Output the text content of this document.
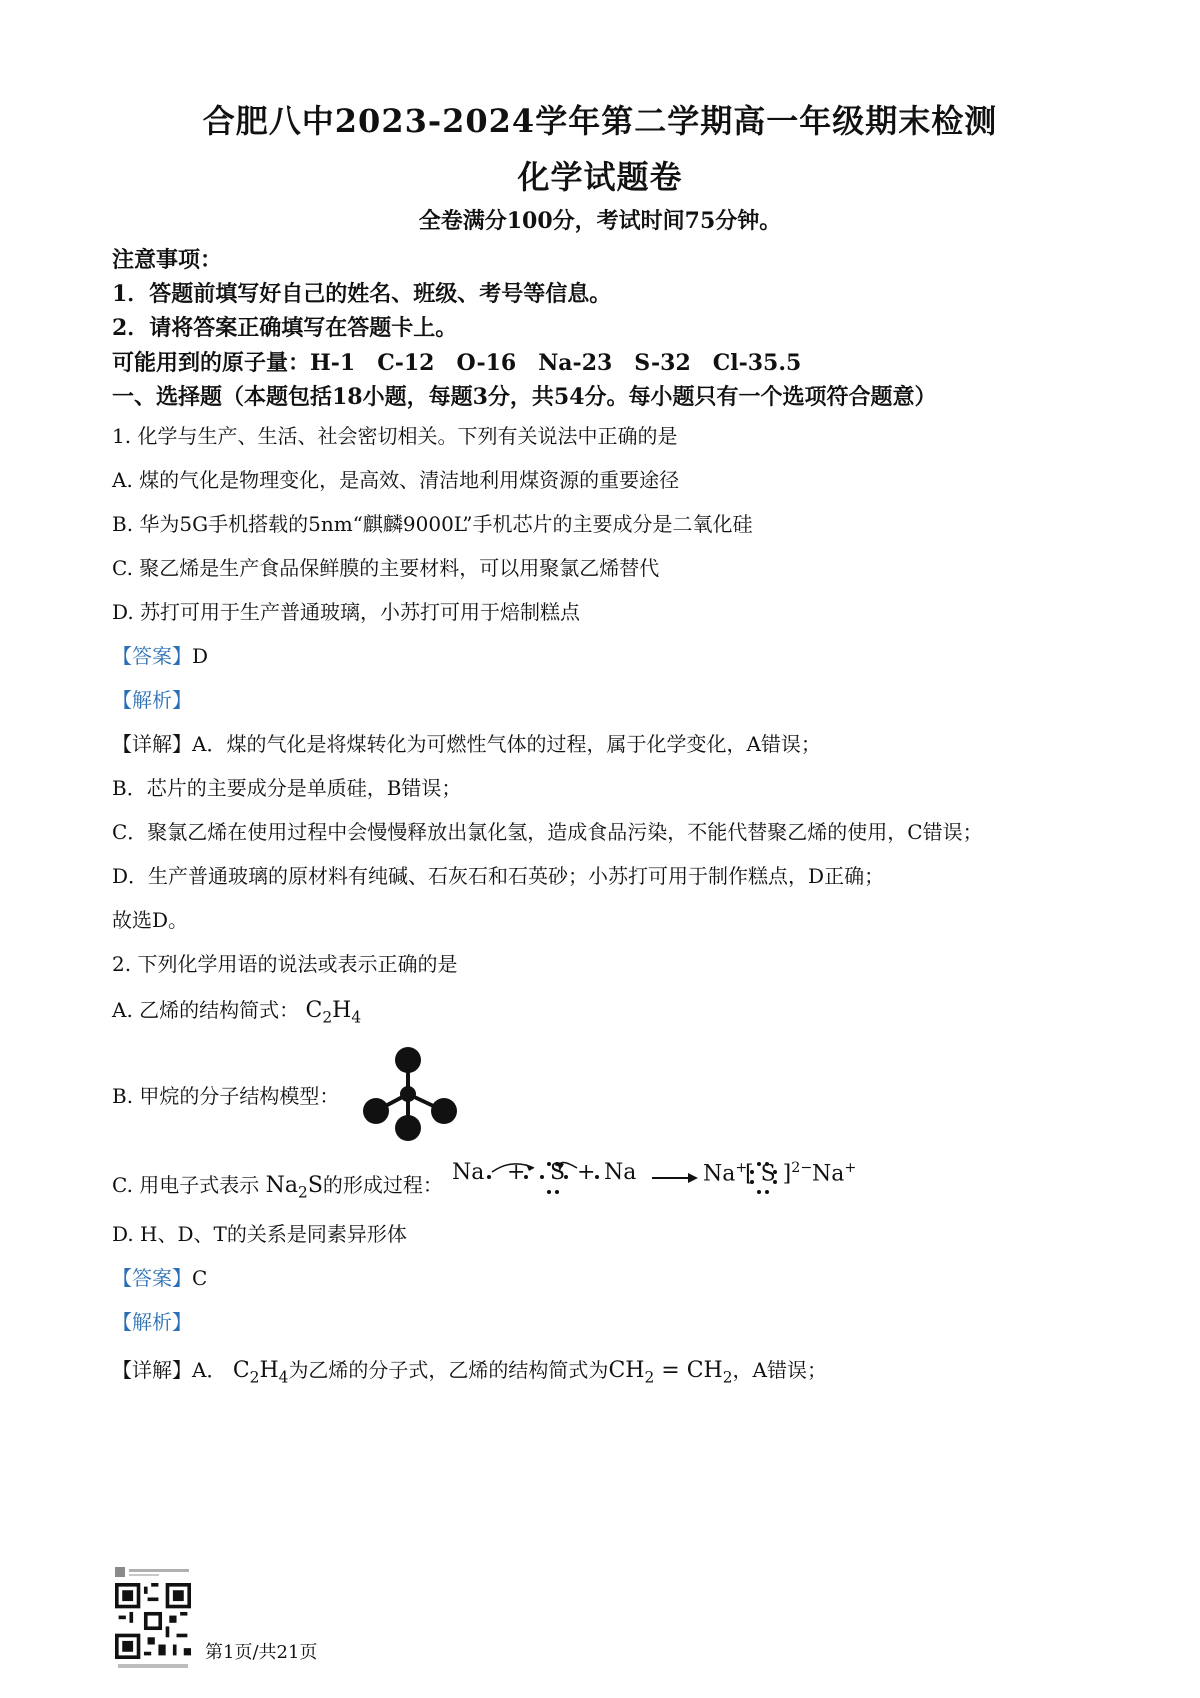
合肥八中2023-2024学年第二学期高一年级期末检测
化学试题卷
全卷满分100分，考试时间75分钟。
注意事项：
1．答题前填写好自己的姓名、班级、考号等信息。
2．请将答案正确填写在答题卡上。
可能用到的原子量：H-1　C-12　O-16　Na-23　S-32　Cl-35.5
一、选择题（本题包括18小题，每题3分，共54分。每小题只有一个选项符合题意）
1. 化学与生产、生活、社会密切相关。下列有关说法中正确的是
A. 煤的气化是物理变化，是高效、清洁地利用煤资源的重要途径
B. 华为5G手机搭载的5nm“麒麟9000L”手机芯片的主要成分是二氧化硅
C. 聚乙烯是生产食品保鲜膜的主要材料，可以用聚氯乙烯替代
D. 苏打可用于生产普通玻璃，小苏打可用于焙制糕点
【答案】D
【解析】
【详解】A．煤的气化是将煤转化为可燃性气体的过程，属于化学变化，A错误；
B．芯片的主要成分是单质硅，B错误；
C．聚氯乙烯在使用过程中会慢慢释放出氯化氢，造成食品污染，不能代替聚乙烯的使用，C错误；
D．生产普通玻璃的原材料有纯碱、石灰石和石英砂；小苏打可用于制作糕点，D正确；
故选D。
2. 下列化学用语的说法或表示正确的是
A. 乙烯的结构简式： $C_2H_4$
B. 甲烷的分子结构模型：
C. 用电子式表示 $Na_2S$的形成过程： Na + S + Na	Na+
[ S ]$^{2-}$ Na+
D. H、D、T的关系是同素异形体
【答案】C
【解析】
【详解】A． $C_2H_4$为乙烯的分子式，乙烯的结构简式为$CH_2 = CH_2$，A错误；
第1页/共21页
